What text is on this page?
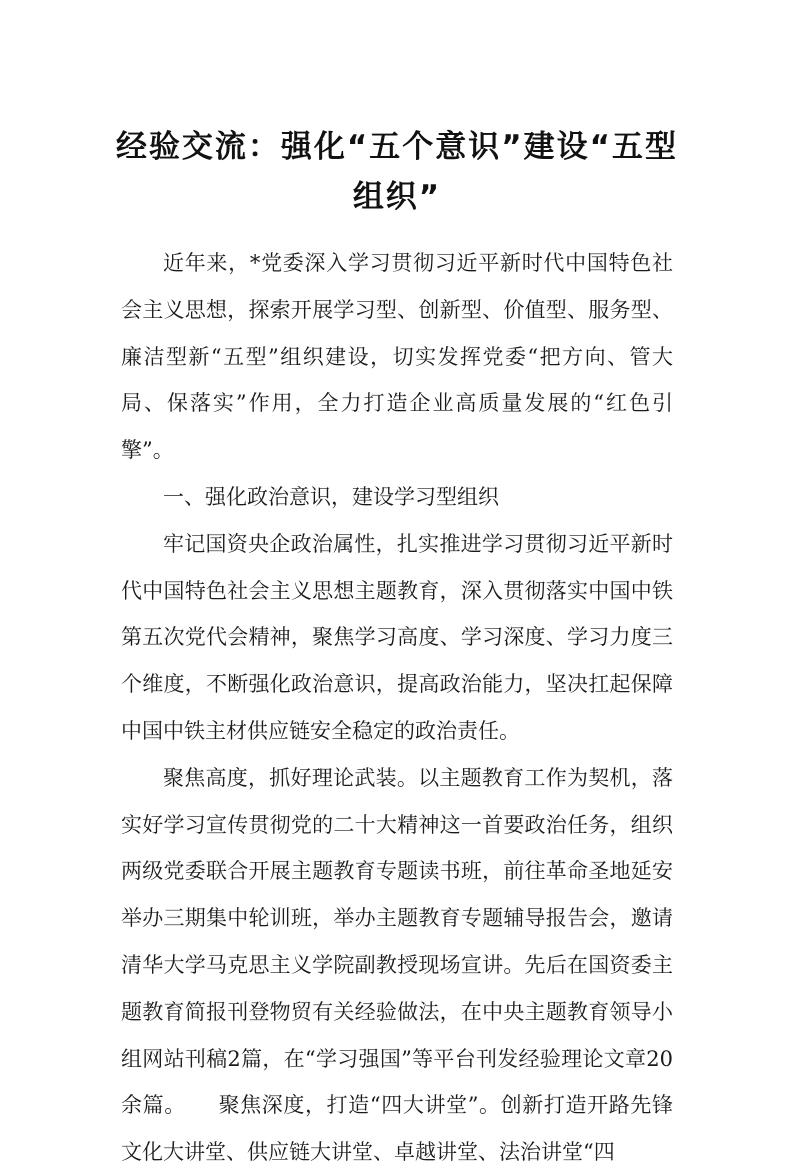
经验交流：强化“五个意识”建设“五型组织”

近年来，*党委深入学习贯彻习近平新时代中国特色社会主义思想，探索开展学习型、创新型、价值型、服务型、廉洁型新“五型”组织建设，切实发挥党委“把方向、管大局、保落实”作用，全力打造企业高质量发展的“红色引擎”。

一、强化政治意识，建设学习型组织

牢记国资央企政治属性，扎实推进学习贯彻习近平新时代中国特色社会主义思想主题教育，深入贯彻落实中国中铁第五次党代会精神，聚焦学习高度、学习深度、学习力度三个维度，不断强化政治意识，提高政治能力，坚决扛起保障中国中铁主材供应链安全稳定的政治责任。

聚焦高度，抓好理论武装。以主题教育工作为契机，落实好学习宣传贯彻党的二十大精神这一首要政治任务，组织两级党委联合开展主题教育专题读书班，前往革命圣地延安举办三期集中轮训班，举办主题教育专题辅导报告会，邀请清华大学马克思主义学院副教授现场宣讲。先后在国资委主题教育简报刊登物贸有关经验做法，在中央主题教育领导小组网站刊稿2篇，在“学习强国”等平台刊发经验理论文章20余篇。　　聚焦深度，打造“四大讲堂”。创新打造开路先锋文化大讲堂、供应链大讲堂、卓越讲堂、法治讲堂“四
